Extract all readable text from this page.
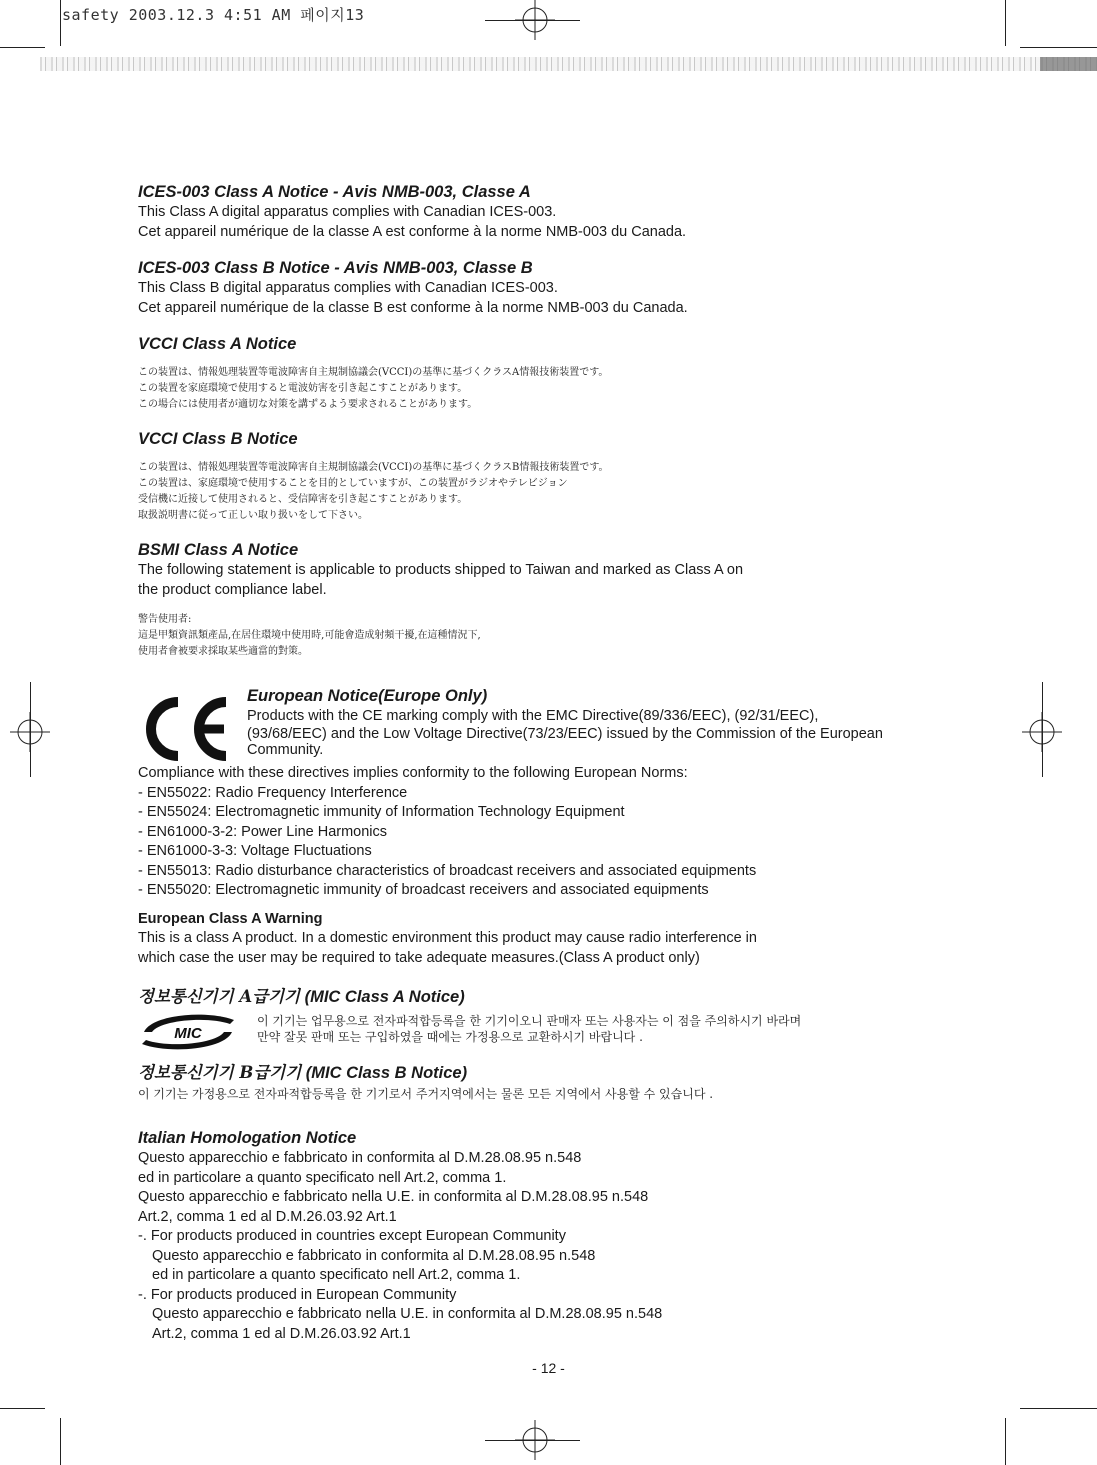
safety 2003.12.3 4:51 AM 페이지13

ICES-003 Class A Notice - Avis NMB-003, Classe A

This Class A digital apparatus complies with Canadian ICES-003.

Cet appareil numérique de la classe A est conforme à la norme NMB-003 du Canada.

ICES-003 Class B Notice - Avis NMB-003, Classe B

This Class B digital apparatus complies with Canadian ICES-003.

Cet appareil numérique de la classe B est conforme à la norme NMB-003 du Canada.

VCCI Class A Notice

この装置は、情報処理装置等電波障害自主規制協議会(VCCI)の基準に基づくクラスA情報技術装置です。

この装置を家庭環境で使用すると電波妨害を引き起こすことがあります。

この場合には使用者が適切な対策を講ずるよう要求されることがあります。

VCCI Class B Notice

この装置は、情報処理装置等電波障害自主規制協議会(VCCI)の基準に基づくクラスB情報技術装置です。

この装置は、家庭環境で使用することを目的としていますが、この装置がラジオやテレビジョン

受信機に近接して使用されると、受信障害を引き起こすことがあります。

取扱説明書に従って正しい取り扱いをして下さい。

BSMI Class A Notice

The following statement is applicable to products shipped to Taiwan and marked as Class A on

the product compliance label.

警告使用者:

這是甲類資訊類產品,在居住環境中使用時,可能會造成射頻干擾,在這種情況下,

使用者會被要求採取某些適當的對策。

European Notice(Europe Only)

Products with the CE marking comply with the EMC Directive(89/336/EEC), (92/31/EEC),

(93/68/EEC) and the Low Voltage Directive(73/23/EEC) issued by the Commission of the European

Community.

Compliance with these directives implies conformity to the following European Norms:

- EN55022: Radio Frequency Interference

- EN55024: Electromagnetic immunity of Information Technology Equipment

- EN61000-3-2: Power Line Harmonics

- EN61000-3-3: Voltage Fluctuations

- EN55013: Radio disturbance characteristics of broadcast receivers and associated equipments

- EN55020: Electromagnetic immunity of broadcast receivers and associated equipments

European Class A Warning

This is a class A product. In a domestic environment this product may cause radio interference in

which case the user may be required to take adequate measures.(Class A product only)

정보통신기기 A급기기 (MIC Class A Notice)

MIC

이 기기는 업무용으로 전자파적합등록을 한 기기이오니 판매자 또는 사용자는 이 점을 주의하시기 바라며

만약 잘못 판매 또는 구입하였을 때에는 가정용으로 교환하시기 바랍니다 .

정보통신기기 B급기기 (MIC Class B Notice)

이 기기는 가정용으로 전자파적합등록을 한 기기로서 주거지역에서는 물론 모든 지역에서 사용할 수 있습니다 .

Italian Homologation Notice

Questo apparecchio e fabbricato in conformita al D.M.28.08.95 n.548

ed in particolare a quanto specificato nell Art.2, comma 1.

Questo apparecchio e fabbricato nella U.E. in conformita al D.M.28.08.95 n.548

Art.2, comma 1 ed al D.M.26.03.92 Art.1

-. For products produced in countries except European Community

Questo apparecchio e fabbricato in conformita al D.M.28.08.95 n.548

ed in particolare a quanto specificato nell Art.2, comma 1.

-. For products produced in European Community

Questo apparecchio e fabbricato nella U.E. in conformita al D.M.28.08.95 n.548

Art.2, comma 1 ed al D.M.26.03.92 Art.1

- 12 -
